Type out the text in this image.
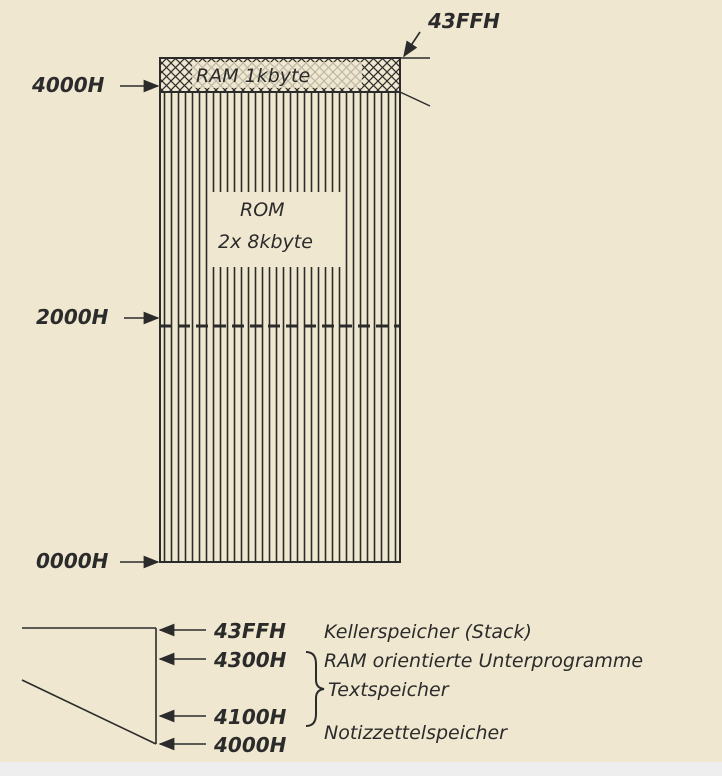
RAM 1kbyte
ROM
2x 8kbyte
43FFH
4000H
2000H
0000H
43FFH
4300H
4100H
4000H
Kellerspeicher (Stack)
RAM orientierte Unterprogramme
Textspeicher
Notizzettelspeicher
